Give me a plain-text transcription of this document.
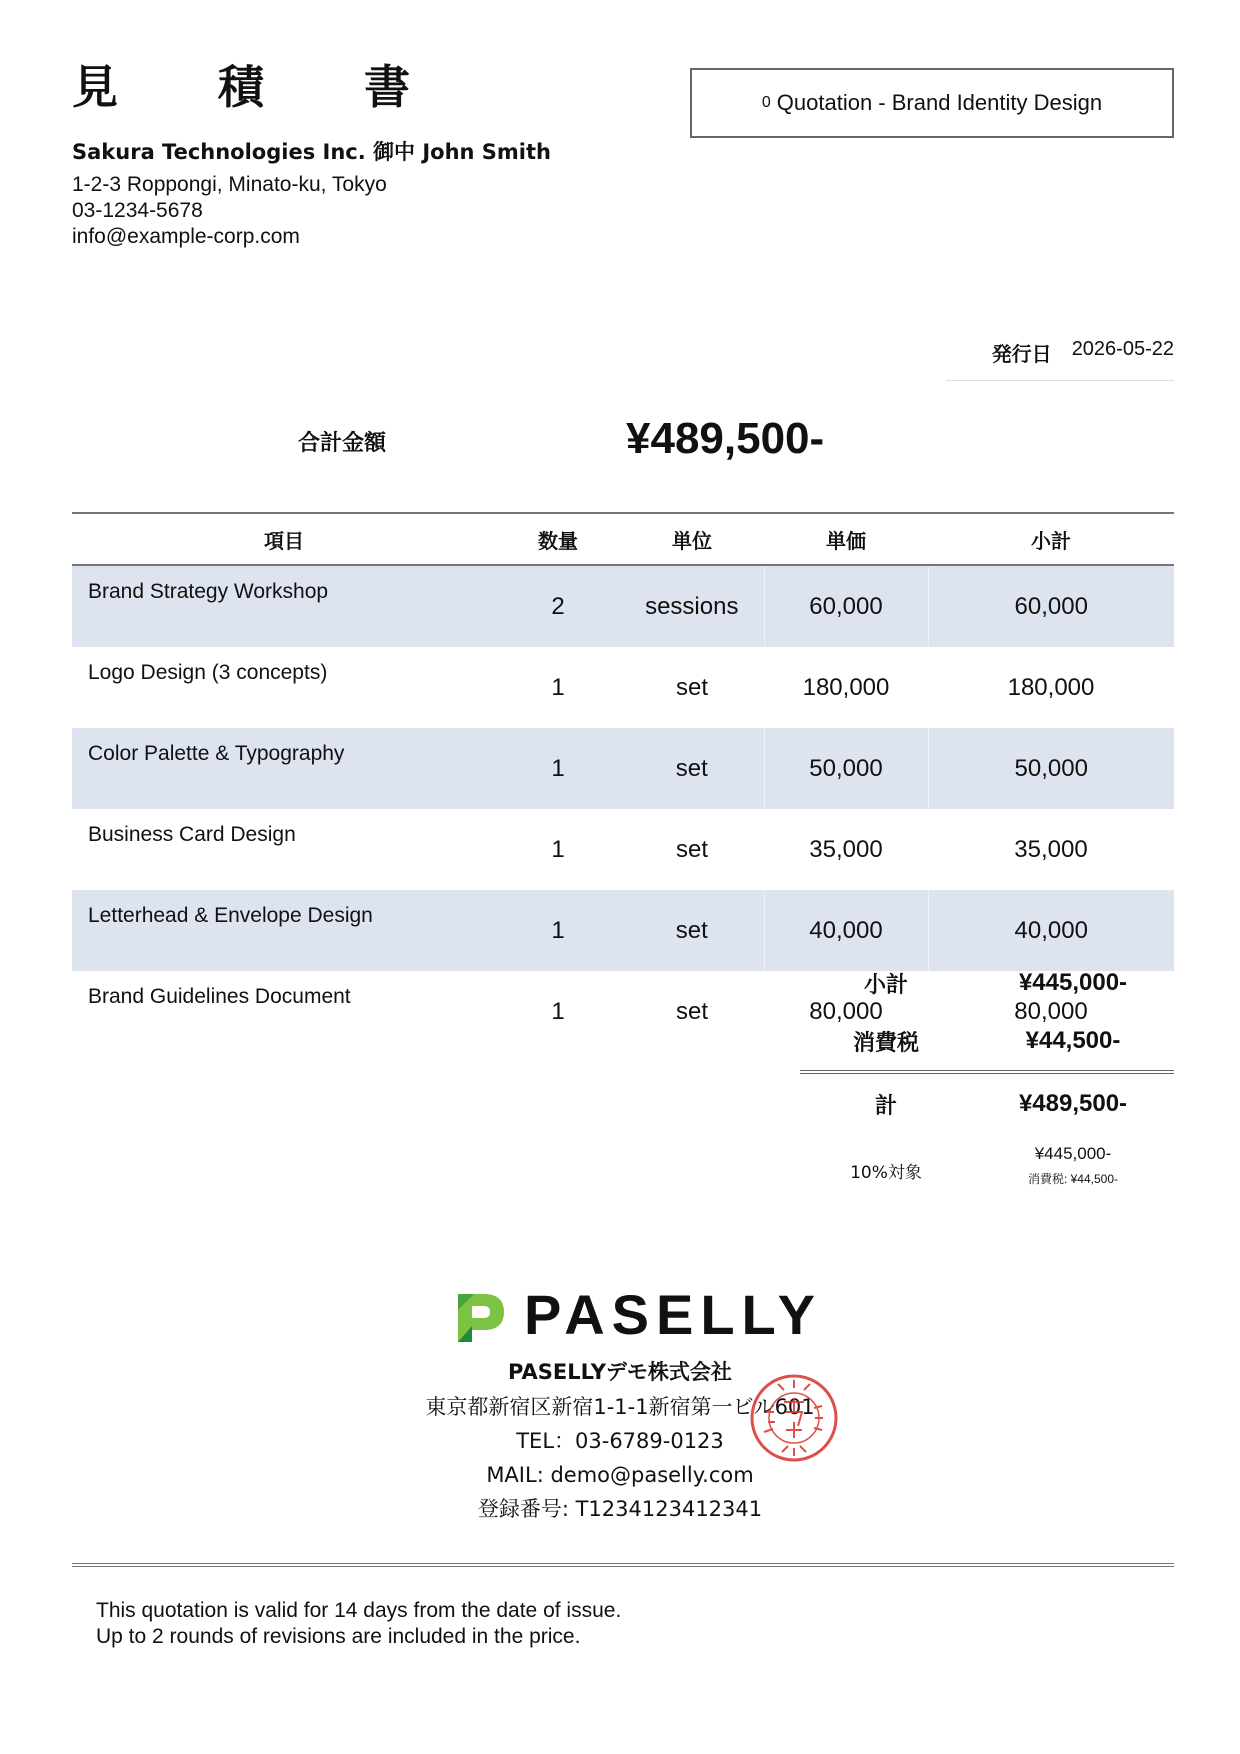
見 積 書	0 Quotation - Brand Identity Design
Sakura Technologies Inc. 御中 John Smith
1-2-3 Roppongi, Minato-ku, Tokyo
03-1234-5678
info@example-corp.com
発行日 2026-05-22
合計金額	¥489,500-
項目	数量	単位	単価	小計
Brand Strategy Workshop	2	sessions	60,000	60,000
Logo Design (3 concepts)	1	set	180,000	180,000
Color Palette & Typography	1	set	50,000	50,000
Business Card Design	1	set	35,000	35,000
Letterhead & Envelope Design	1	set	40,000	40,000
Brand Guidelines Document	1	set	80,000	80,000
小計	¥445,000-
消費税	¥44,500-
計	¥489,500-
10%対象
¥445,000-
消費税: ¥44,500-
PASELLY
PASELLYデモ株式会社
東京都新宿区新宿1-1-1新宿第一ビル601
TEL：03-6789-0123
MAIL: demo@paselly.com
登録番号: T1234123412341
This quotation is valid for 14 days from the date of issue.
Up to 2 rounds of revisions are included in the price.
